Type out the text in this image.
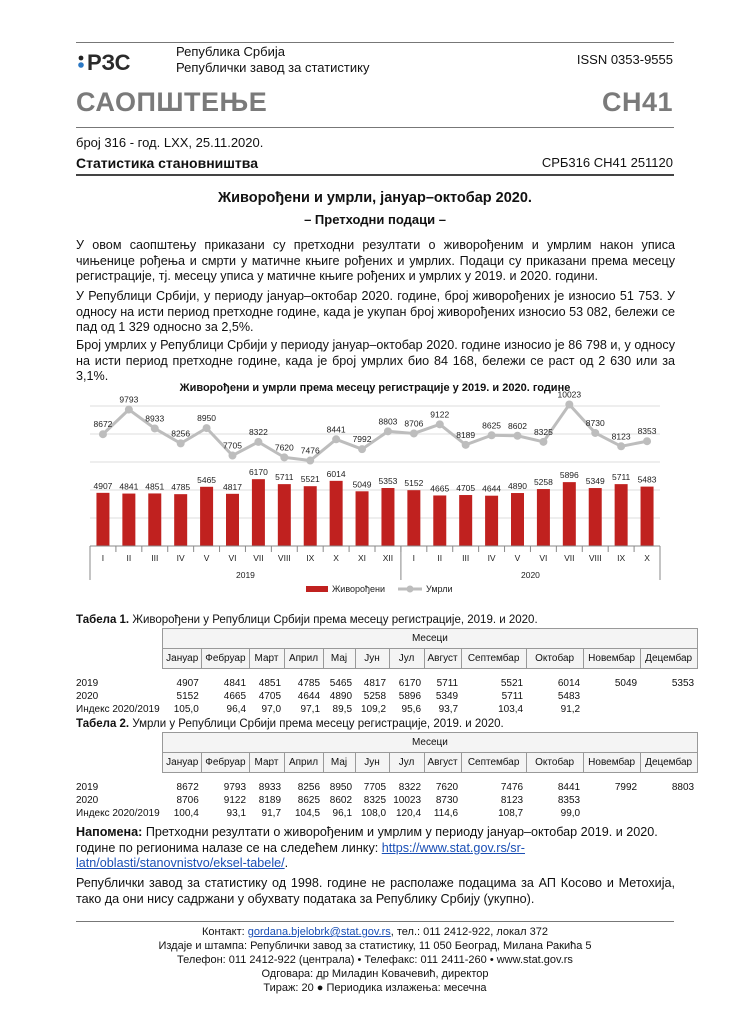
РЗС	Република Србија
Републички завод за статистику
ISSN 0353-9555
САОПШТЕЊЕ	СН41
број 316 - год. LXX, 25.11.2020.
Статистика становништва	СРБ316 СН41 251120
Живорођени и умрли, јануар–октобар 2020.
– Претходни подаци –
У овом саопштењу приказани су претходни резултати о живорођеним и умрлим након уписа чињенице рођења и смрти у матичне књиге рођених и умрлих. Подаци су приказани према месецу регистрације, тј. месецу уписа у матичне књиге рођених и умрлих у 2019. и 2020. години.
У Републици Србији, у периоду јануар–октобар 2020. године, број живорођених је износио 51 753. У односу на исти период претходне године, када је укупан број живорођених износио 53 082, бележи се пад од 1 329 односно за 2,5%.
Број умрлих у Републици Србији у периоду јануар–октобар 2020. године износио је 86 798 и, у односу на исти период претходне године, када је број умрлих био 84 168, бележи се раст од 2 630 или за 3,1%.
Живорођени и умрли према месецу регистрације у 2019. и 2020. године
4907 4841 4851 4785
5465
4817
6170 5711 5521
6014
5049 5353 5152
4665 4705 4644 4890 5258
5896
5349 5711 5483
8672
9793
8933
8256
8950
7705
8322
7620 7476
8441
7992
8803 8706
9122
8189
8625 8602
8325
10023
8730
8123
8353
I	II III IV V VI VII VIII IX X XI XII I	II III IV V VI VII VIII IX X
2019	2020
Живорођени	Умрли
Табела 1. Живорођени у Републици Србији према месецу регистрације, 2019. и 2020.
	Месеци											
	Јануар	Фебруар	Март	Април	Мај	Јун	Јул	Август	Септембар	Октобар	Новембар	Децембар

2019	4907	4841	4851	4785	5465	4817	6170	5711	5521	6014	5049	5353
2020	5152	4665	4705	4644	4890	5258	5896	5349	5711	5483		
Индекс 2020/2019	105,0	96,4	97,0	97,1	89,5	109,2	95,6	93,7	103,4	91,2		
Табела 2. Умрли у Републици Србији према месецу регистрације, 2019. и 2020.
	Месеци											
	Јануар	Фебруар	Март	Април	Мај	Јун	Јул	Август	Септембар	Октобар	Новембар	Децембар

2019	8672	9793	8933	8256	8950	7705	8322	7620	7476	8441	7992	8803
2020	8706	9122	8189	8625	8602	8325	10023	8730	8123	8353		
Индекс 2020/2019	100,4	93,1	91,7	104,5	96,1	108,0	120,4	114,6	108,7	99,0		
Напомена: Претходни резултати о живорођеним и умрлим у периоду јануар–октобар 2019. и 2020. године по регионима налазе се на следећем линку: https://www.stat.gov.rs/sr-latn/oblasti/stanovnistvo/eksel-tabele/.
Републички завод за статистику од 1998. године не располаже подацима за АП Косово и Метохија, тако да они нису садржани у обухвату података за Републику Србију (укупно).
Контакт: gordana.bjelobrk@stat.gov.rs, тел.: 011 2412-922, локал 372
Издаје и штампа: Републички завод за статистику, 11 050 Београд, Милана Ракића 5
Телефон: 011 2412-922 (централа) • Телефакс: 011 2411-260 • www.stat.gov.rs
Одговара: др Миладин Ковачевић, директор
Тираж: 20 ● Периодика излажења: месечна
